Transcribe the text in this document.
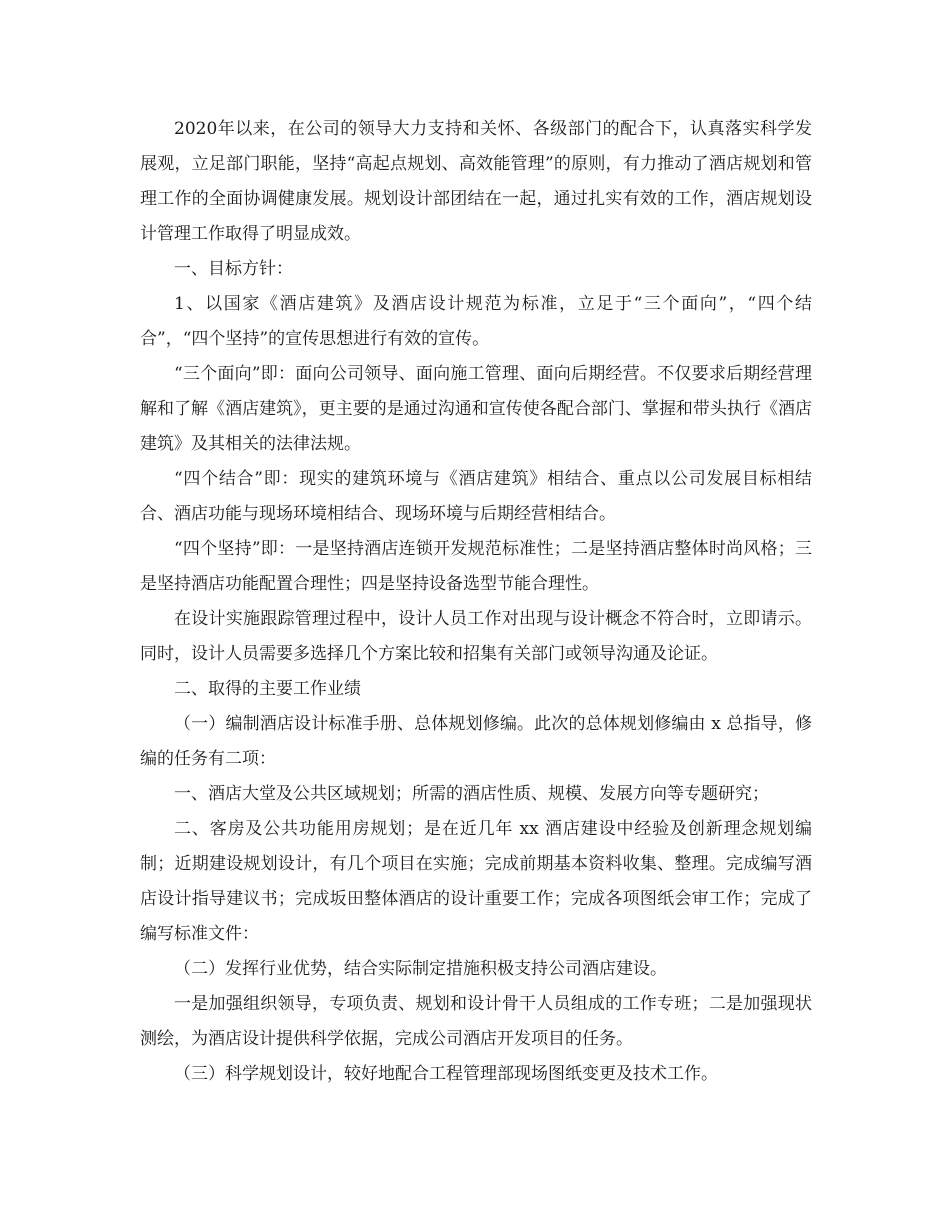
2020年以来，在公司的领导大力支持和关怀、各级部门的配合下，认真落实科学发展观，立足部门职能，坚持“高起点规划、高效能管理”的原则，有力推动了酒店规划和管理工作的全面协调健康发展。规划设计部团结在一起，通过扎实有效的工作，酒店规划设计管理工作取得了明显成效。

一、目标方针：

1、以国家《酒店建筑》及酒店设计规范为标准，立足于“三个面向”，“四个结合”，“四个坚持”的宣传思想进行有效的宣传。

“三个面向”即：面向公司领导、面向施工管理、面向后期经营。不仅要求后期经营理解和了解《酒店建筑》，更主要的是通过沟通和宣传使各配合部门、掌握和带头执行《酒店建筑》及其相关的法律法规。

“四个结合”即：现实的建筑环境与《酒店建筑》相结合、重点以公司发展目标相结合、酒店功能与现场环境相结合、现场环境与后期经营相结合。

“四个坚持”即：一是坚持酒店连锁开发规范标准性；二是坚持酒店整体时尚风格；三是坚持酒店功能配置合理性；四是坚持设备选型节能合理性。

在设计实施跟踪管理过程中，设计人员工作对出现与设计概念不符合时，立即请示。同时，设计人员需要多选择几个方案比较和招集有关部门或领导沟通及论证。

二、取得的主要工作业绩

（一）编制酒店设计标准手册、总体规划修编。此次的总体规划修编由 x 总指导，修编的任务有二项：

一、酒店大堂及公共区域规划；所需的酒店性质、规模、发展方向等专题研究；

二、客房及公共功能用房规划；是在近几年 xx 酒店建设中经验及创新理念规划编制；近期建设规划设计，有几个项目在实施；完成前期基本资料收集、整理。完成编写酒店设计指导建议书；完成坂田整体酒店的设计重要工作；完成各项图纸会审工作；完成了编写标准文件：

（二）发挥行业优势，结合实际制定措施积极支持公司酒店建设。

一是加强组织领导，专项负责、规划和设计骨干人员组成的工作专班；二是加强现状测绘，为酒店设计提供科学依据，完成公司酒店开发项目的任务。

（三）科学规划设计，较好地配合工程管理部现场图纸变更及技术工作。
